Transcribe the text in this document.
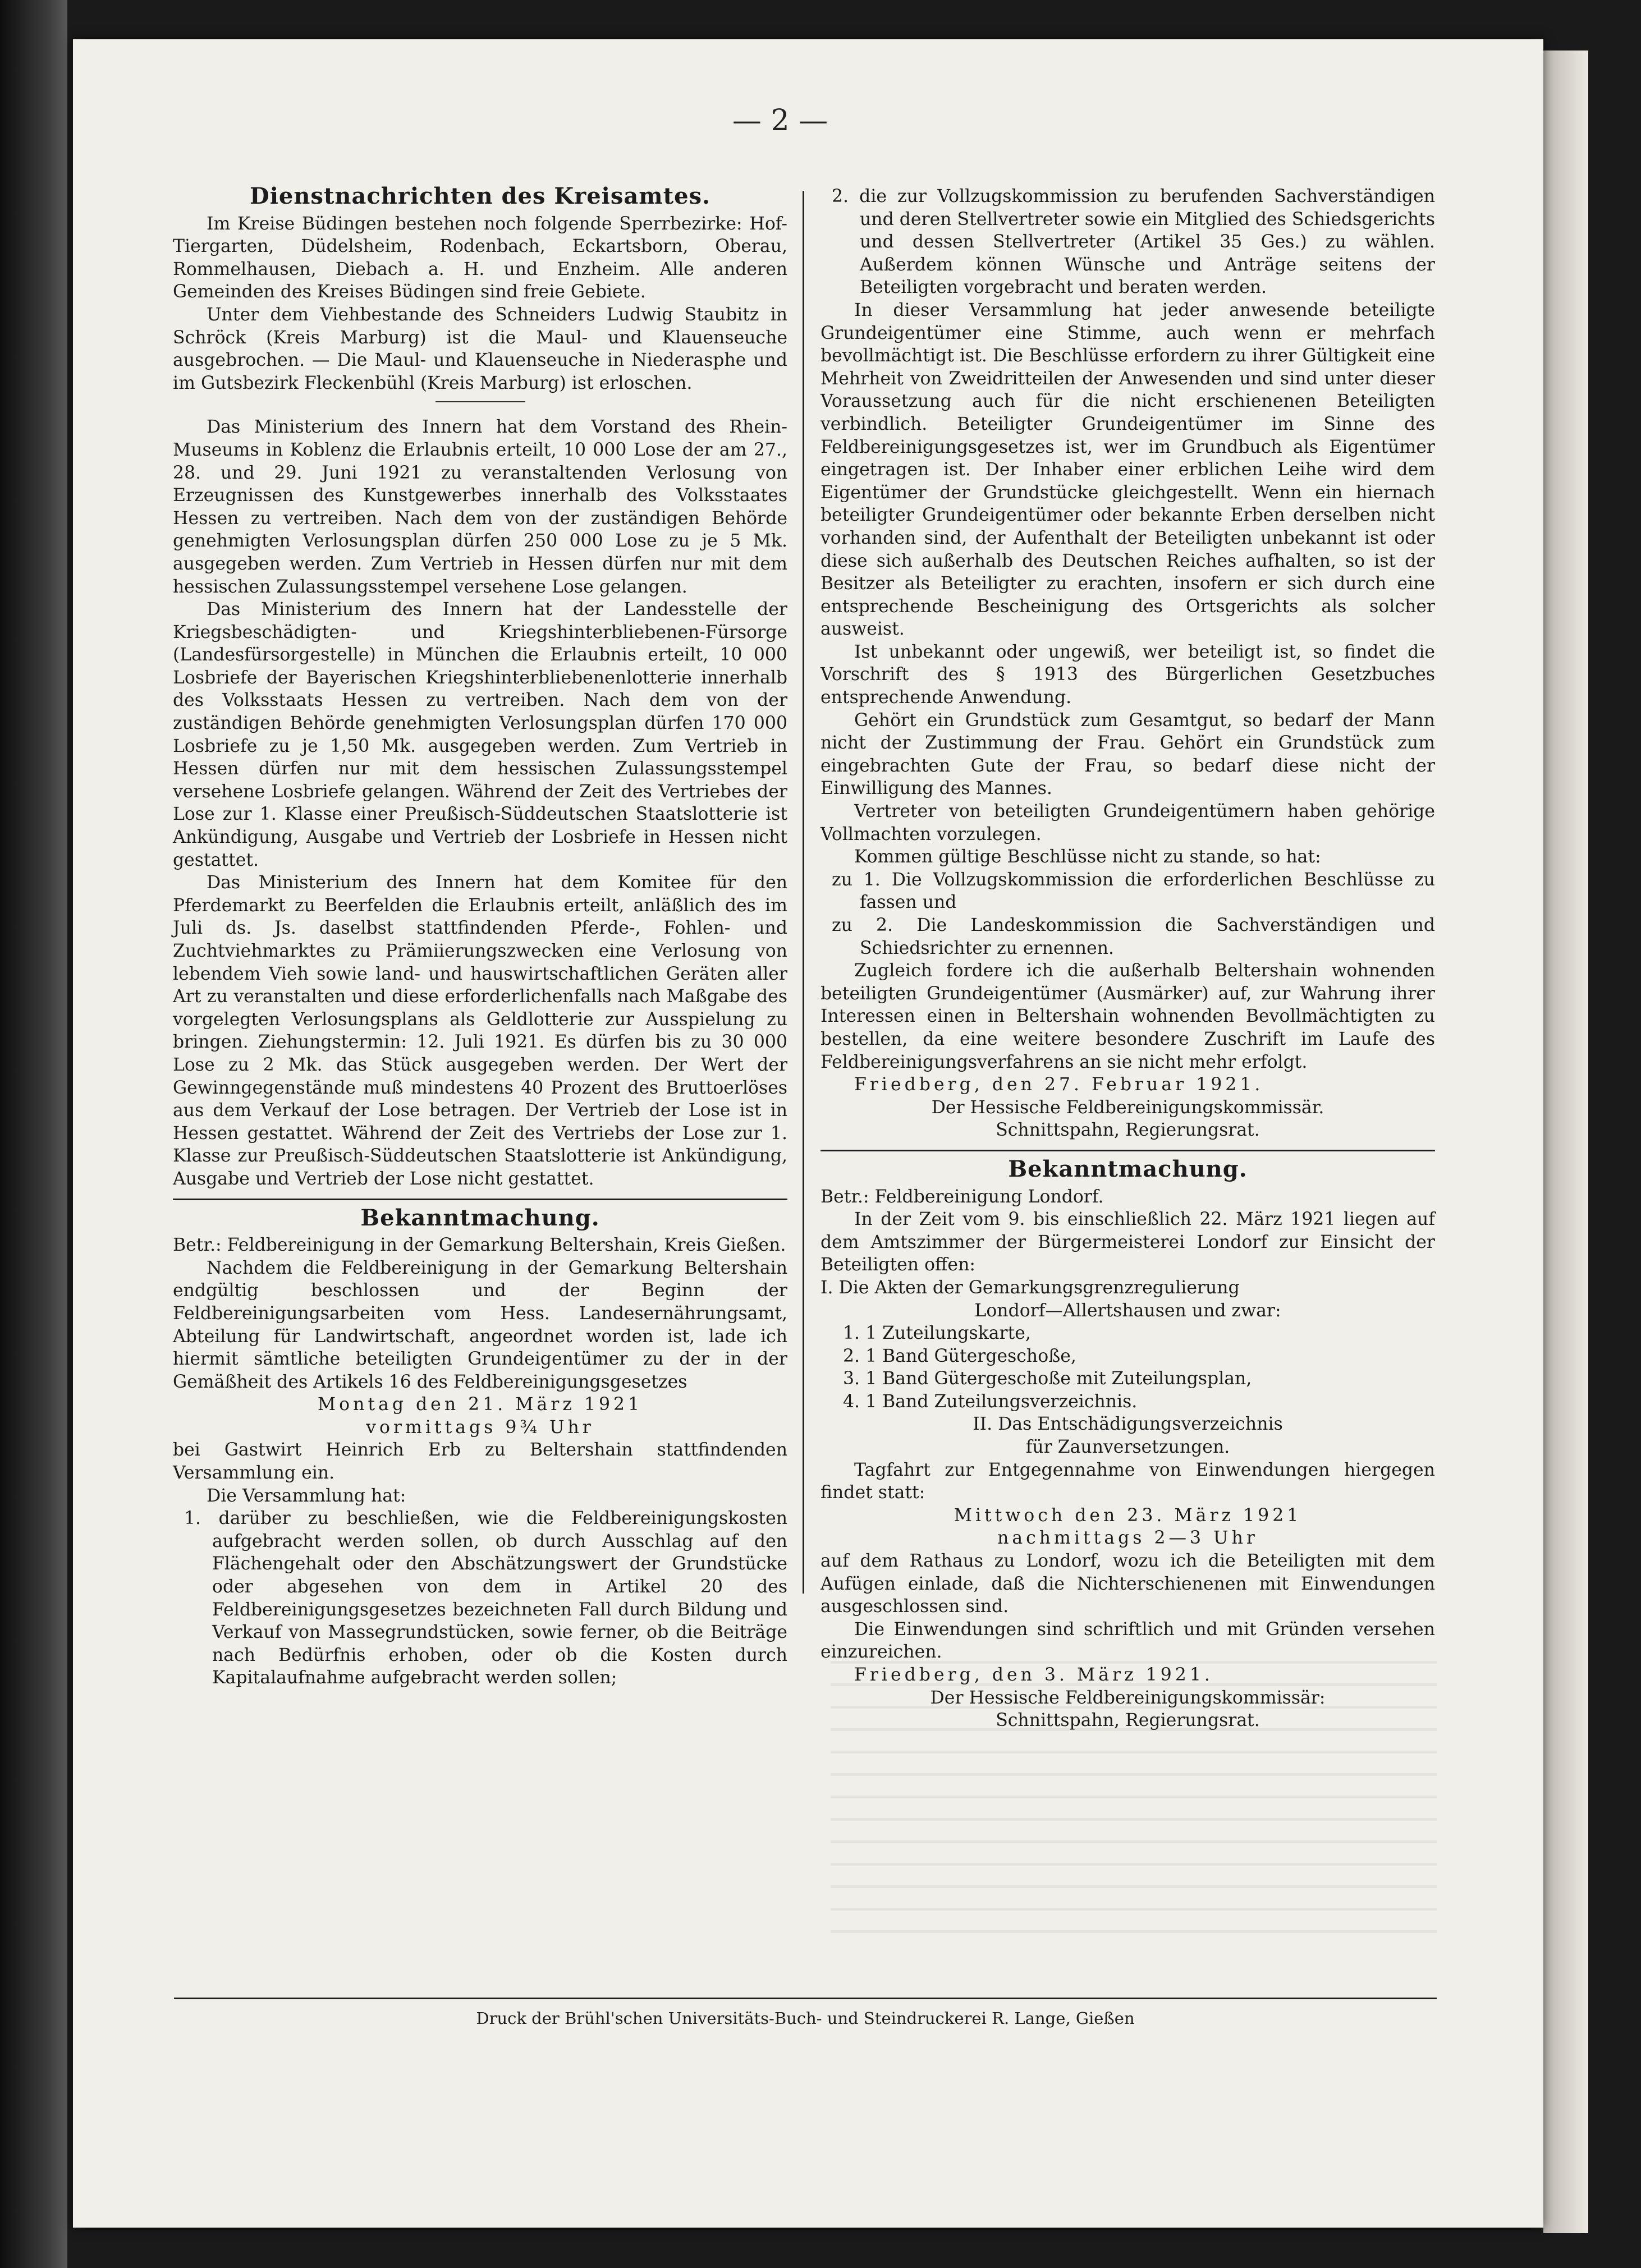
— 2 —

Dienstnachrichten des Kreisamtes.

Im Kreise Büdingen bestehen noch folgende Sperrbezirke: Hof-Tiergarten, Düdelsheim, Rodenbach, Eckartsborn, Oberau, Rommelhausen, Diebach a. H. und Enzheim. Alle anderen Gemeinden des Kreises Büdingen sind freie Gebiete.

Unter dem Viehbestande des Schneiders Ludwig Staubitz in Schröck (Kreis Marburg) ist die Maul- und Klauenseuche ausgebrochen. — Die Maul- und Klauenseuche in Niederasphe und im Gutsbezirk Fleckenbühl (Kreis Marburg) ist erloschen.

Das Ministerium des Innern hat dem Vorstand des Rhein-Museums in Koblenz die Erlaubnis erteilt, 10 000 Lose der am 27., 28. und 29. Juni 1921 zu veranstaltenden Verlosung von Erzeugnissen des Kunstgewerbes innerhalb des Volksstaates Hessen zu vertreiben. Nach dem von der zuständigen Behörde genehmigten Verlosungsplan dürfen 250 000 Lose zu je 5 Mk. ausgegeben werden. Zum Vertrieb in Hessen dürfen nur mit dem hessischen Zulassungsstempel versehene Lose gelangen.

Das Ministerium des Innern hat der Landesstelle der Kriegsbeschädigten- und Kriegshinterbliebenen-Fürsorge (Landesfürsorgestelle) in München die Erlaubnis erteilt, 10 000 Losbriefe der Bayerischen Kriegshinterbliebenenlotterie innerhalb des Volksstaats Hessen zu vertreiben. Nach dem von der zuständigen Behörde genehmigten Verlosungsplan dürfen 170 000 Losbriefe zu je 1,50 Mk. ausgegeben werden. Zum Vertrieb in Hessen dürfen nur mit dem hessischen Zulassungsstempel versehene Losbriefe gelangen. Während der Zeit des Vertriebes der Lose zur 1. Klasse einer Preußisch-Süddeutschen Staatslotterie ist Ankündigung, Ausgabe und Vertrieb der Losbriefe in Hessen nicht gestattet.

Das Ministerium des Innern hat dem Komitee für den Pferdemarkt zu Beerfelden die Erlaubnis erteilt, anläßlich des im Juli ds. Js. daselbst stattfindenden Pferde-, Fohlen- und Zuchtviehmarktes zu Prämiierungszwecken eine Verlosung von lebendem Vieh sowie land- und hauswirtschaftlichen Geräten aller Art zu veranstalten und diese erforderlichenfalls nach Maßgabe des vorgelegten Verlosungsplans als Geldlotterie zur Ausspielung zu bringen. Ziehungstermin: 12. Juli 1921. Es dürfen bis zu 30 000 Lose zu 2 Mk. das Stück ausgegeben werden. Der Wert der Gewinngegenstände muß mindestens 40 Prozent des Bruttoerlöses aus dem Verkauf der Lose betragen. Der Vertrieb der Lose ist in Hessen gestattet. Während der Zeit des Vertriebs der Lose zur 1. Klasse zur Preußisch-Süddeutschen Staatslotterie ist Ankündigung, Ausgabe und Vertrieb der Lose nicht gestattet.

Bekanntmachung.

Betr.: Feldbereinigung in der Gemarkung Beltershain, Kreis Gießen.

Nachdem die Feldbereinigung in der Gemarkung Beltershain endgültig beschlossen und der Beginn der Feldbereinigungsarbeiten vom Hess. Landesernährungsamt, Abteilung für Landwirtschaft, angeordnet worden ist, lade ich hiermit sämtliche beteiligten Grundeigentümer zu der in der Gemäßheit des Artikels 16 des Feldbereinigungsgesetzes

Montag den 21. März 1921

vormittags 9¾ Uhr

bei Gastwirt Heinrich Erb zu Beltershain stattfindenden Versammlung ein.

Die Versammlung hat:

1. darüber zu beschließen, wie die Feldbereinigungskosten aufgebracht werden sollen, ob durch Ausschlag auf den Flächengehalt oder den Abschätzungswert der Grundstücke oder abgesehen von dem in Artikel 20 des Feldbereinigungsgesetzes bezeichneten Fall durch Bildung und Verkauf von Massegrundstücken, sowie ferner, ob die Beiträge nach Bedürfnis erhoben, oder ob die Kosten durch Kapitalaufnahme aufgebracht werden sollen;

2. die zur Vollzugskommission zu berufenden Sachverständigen und deren Stellvertreter sowie ein Mitglied des Schiedsgerichts und dessen Stellvertreter (Artikel 35 Ges.) zu wählen. Außerdem können Wünsche und Anträge seitens der Beteiligten vorgebracht und beraten werden.

In dieser Versammlung hat jeder anwesende beteiligte Grundeigentümer eine Stimme, auch wenn er mehrfach bevollmächtigt ist. Die Beschlüsse erfordern zu ihrer Gültigkeit eine Mehrheit von Zweidritteilen der Anwesenden und sind unter dieser Voraussetzung auch für die nicht erschienenen Beteiligten verbindlich. Beteiligter Grundeigentümer im Sinne des Feldbereinigungsgesetzes ist, wer im Grundbuch als Eigentümer eingetragen ist. Der Inhaber einer erblichen Leihe wird dem Eigentümer der Grundstücke gleichgestellt. Wenn ein hiernach beteiligter Grundeigentümer oder bekannte Erben derselben nicht vorhanden sind, der Aufenthalt der Beteiligten unbekannt ist oder diese sich außerhalb des Deutschen Reiches aufhalten, so ist der Besitzer als Beteiligter zu erachten, insofern er sich durch eine entsprechende Bescheinigung des Ortsgerichts als solcher ausweist.

Ist unbekannt oder ungewiß, wer beteiligt ist, so findet die Vorschrift des § 1913 des Bürgerlichen Gesetzbuches entsprechende Anwendung.

Gehört ein Grundstück zum Gesamtgut, so bedarf der Mann nicht der Zustimmung der Frau. Gehört ein Grundstück zum eingebrachten Gute der Frau, so bedarf diese nicht der Einwilligung des Mannes.

Vertreter von beteiligten Grundeigentümern haben gehörige Vollmachten vorzulegen.

Kommen gültige Beschlüsse nicht zu stande, so hat:

zu 1. Die Vollzugskommission die erforderlichen Beschlüsse zu fassen und

zu 2. Die Landeskommission die Sachverständigen und Schiedsrichter zu ernennen.

Zugleich fordere ich die außerhalb Beltershain wohnenden beteiligten Grundeigentümer (Ausmärker) auf, zur Wahrung ihrer Interessen einen in Beltershain wohnenden Bevollmächtigten zu bestellen, da eine weitere besondere Zuschrift im Laufe des Feldbereinigungsverfahrens an sie nicht mehr erfolgt.

Friedberg, den 27. Februar 1921.

Der Hessische Feldbereinigungskommissär.

Schnittspahn, Regierungsrat.

Bekanntmachung.

Betr.: Feldbereinigung Londorf.

In der Zeit vom 9. bis einschließlich 22. März 1921 liegen auf dem Amtszimmer der Bürgermeisterei Londorf zur Einsicht der Beteiligten offen:

I. Die Akten der Gemarkungsgrenzregulierung

Londorf—Allertshausen und zwar:

1. 1 Zuteilungskarte,

2. 1 Band Gütergeschoße,

3. 1 Band Gütergeschoße mit Zuteilungsplan,

4. 1 Band Zuteilungsverzeichnis.

II. Das Entschädigungsverzeichnis

für Zaunversetzungen.

Tagfahrt zur Entgegennahme von Einwendungen hiergegen findet statt:

Mittwoch den 23. März 1921

nachmittags 2—3 Uhr

auf dem Rathaus zu Londorf, wozu ich die Beteiligten mit dem Aufügen einlade, daß die Nichterschienenen mit Einwendungen ausgeschlossen sind.

Die Einwendungen sind schriftlich und mit Gründen versehen einzureichen.

Friedberg, den 3. März 1921.

Der Hessische Feldbereinigungskommissär:

Schnittspahn, Regierungsrat.

Druck der Brühl'schen Universitäts-Buch- und Steindruckerei R. Lange, Gießen
